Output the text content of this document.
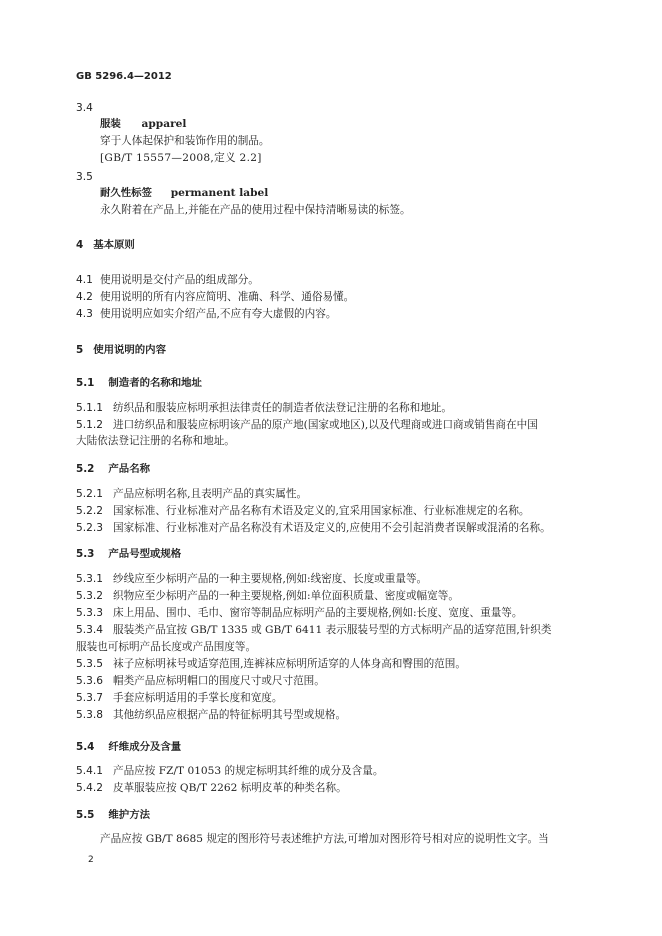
GB 5296.4—2012
3.4
服装 apparel
穿于人体起保护和装饰作用的制品。
[GB/T 15557—2008,定义 2.2]
3.5
耐久性标签 permanent label
永久附着在产品上,并能在产品的使用过程中保持清晰易读的标签。
4 基本原则
4.1 使用说明是交付产品的组成部分。
4.2 使用说明的所有内容应简明、准确、科学、通俗易懂。
4.3 使用说明应如实介绍产品,不应有夸大虚假的内容。
5 使用说明的内容
5.1 制造者的名称和地址
5.1.1 纺织品和服装应标明承担法律责任的制造者依法登记注册的名称和地址。
5.1.2 进口纺织品和服装应标明该产品的原产地(国家或地区),以及代理商或进口商或销售商在中国
大陆依法登记注册的名称和地址。
5.2 产品名称
5.2.1 产品应标明名称,且表明产品的真实属性。
5.2.2 国家标准、行业标准对产品名称有术语及定义的,宜采用国家标准、行业标准规定的名称。
5.2.3 国家标准、行业标准对产品名称没有术语及定义的,应使用不会引起消费者误解或混淆的名称。
5.3 产品号型或规格
5.3.1 纱线应至少标明产品的一种主要规格,例如:线密度、长度或重量等。
5.3.2 织物应至少标明产品的一种主要规格,例如:单位面积质量、密度或幅宽等。
5.3.3 床上用品、围巾、毛巾、窗帘等制品应标明产品的主要规格,例如:长度、宽度、重量等。
5.3.4 服装类产品宜按 GB/T 1335 或 GB/T 6411 表示服装号型的方式标明产品的适穿范围,针织类
服装也可标明产品长度或产品围度等。
5.3.5 袜子应标明袜号或适穿范围,连裤袜应标明所适穿的人体身高和臀围的范围。
5.3.6 帽类产品应标明帽口的围度尺寸或尺寸范围。
5.3.7 手套应标明适用的手掌长度和宽度。
5.3.8 其他纺织品应根据产品的特征标明其号型或规格。
5.4 纤维成分及含量
5.4.1 产品应按 FZ/T 01053 的规定标明其纤维的成分及含量。
5.4.2 皮革服装应按 QB/T 2262 标明皮革的种类名称。
5.5 维护方法
产品应按 GB/T 8685 规定的图形符号表述维护方法,可增加对图形符号相对应的说明性文字。当
2
